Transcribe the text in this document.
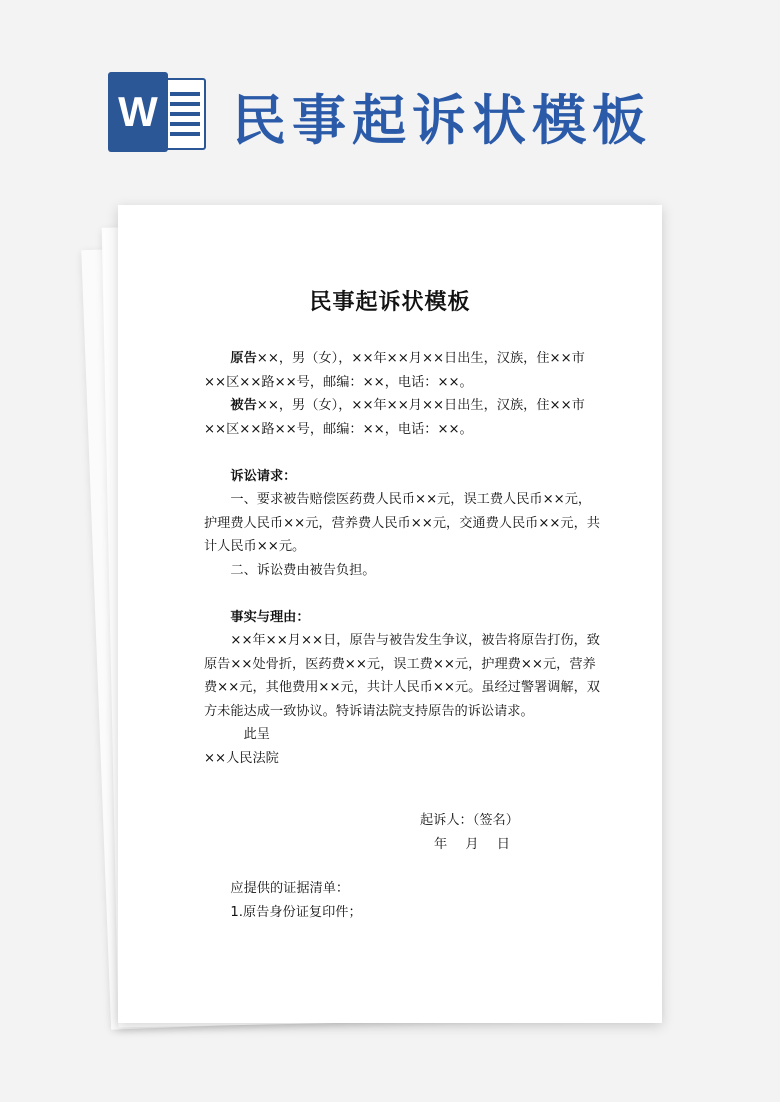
W 民事起诉状模板
民事起诉状模板

原告××，男（女），××年××月××日出生，汉族，住××市××区××路××号，邮编：××，电话：××。

被告××，男（女），××年××月××日出生，汉族，住××市××区××路××号，邮编：××，电话：××。

诉讼请求：

一、要求被告赔偿医药费人民币××元，误工费人民币××元，护理费人民币××元，营养费人民币××元，交通费人民币××元，共计人民币××元。

二、诉讼费由被告负担。

事实与理由：

××年××月××日，原告与被告发生争议，被告将原告打伤，致原告××处骨折，医药费××元，误工费××元，护理费××元，营养费××元，其他费用××元，共计人民币××元。虽经过警署调解，双方未能达成一致协议。特诉请法院支持原告的诉讼请求。

此呈

××人民法院

起诉人：（签名）
年 月 日

应提供的证据清单：

1.原告身份证复印件；
